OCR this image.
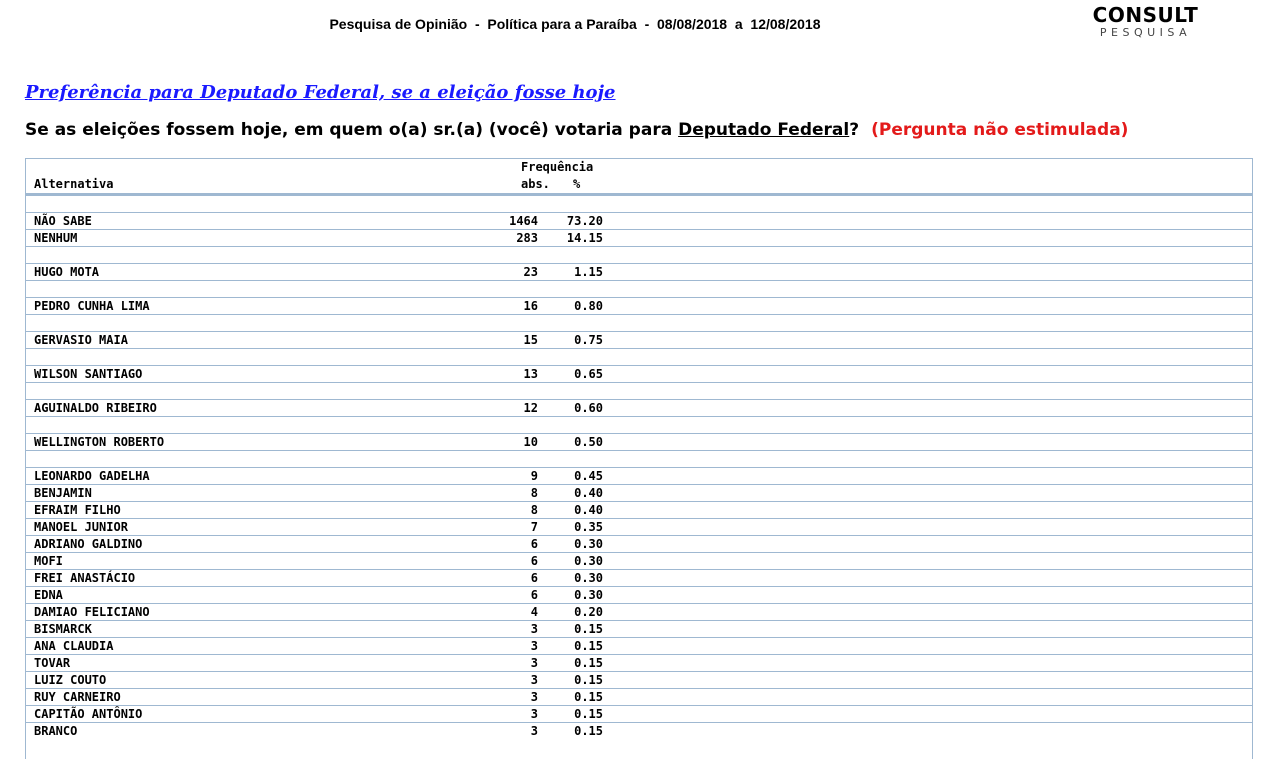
Pesquisa de Opinião  -  Política para a Paraíba  -  08/08/2018  a  12/08/2018	CONSULT
PESQUISA
Preferência para Deputado Federal, se a eleição fosse hoje
Se as eleições fossem hoje, em quem o(a) sr.(a) (você) votaria para Deputado Federal? (Pergunta não estimulada)
Frequência
Alternativa	abs. %
NÃO SABE	1464	73.20
NENHUM	283	14.15
HUGO MOTA	23	1.15
PEDRO CUNHA LIMA	16	0.80
GERVASIO MAIA	15	0.75
WILSON SANTIAGO	13	0.65
AGUINALDO RIBEIRO	12	0.60
WELLINGTON ROBERTO	10	0.50
LEONARDO GADELHA	9	0.45
BENJAMIN	8	0.40
EFRAIM FILHO	8	0.40
MANOEL JUNIOR	7	0.35
ADRIANO GALDINO	6	0.30
MOFI	6	0.30
FREI ANASTÁCIO	6	0.30
EDNA	6	0.30
DAMIAO FELICIANO	4	0.20
BISMARCK	3	0.15
ANA CLAUDIA	3	0.15
TOVAR	3	0.15
LUIZ COUTO	3	0.15
RUY CARNEIRO	3	0.15
CAPITÃO ANTÔNIO	3	0.15
BRANCO	3	0.15
